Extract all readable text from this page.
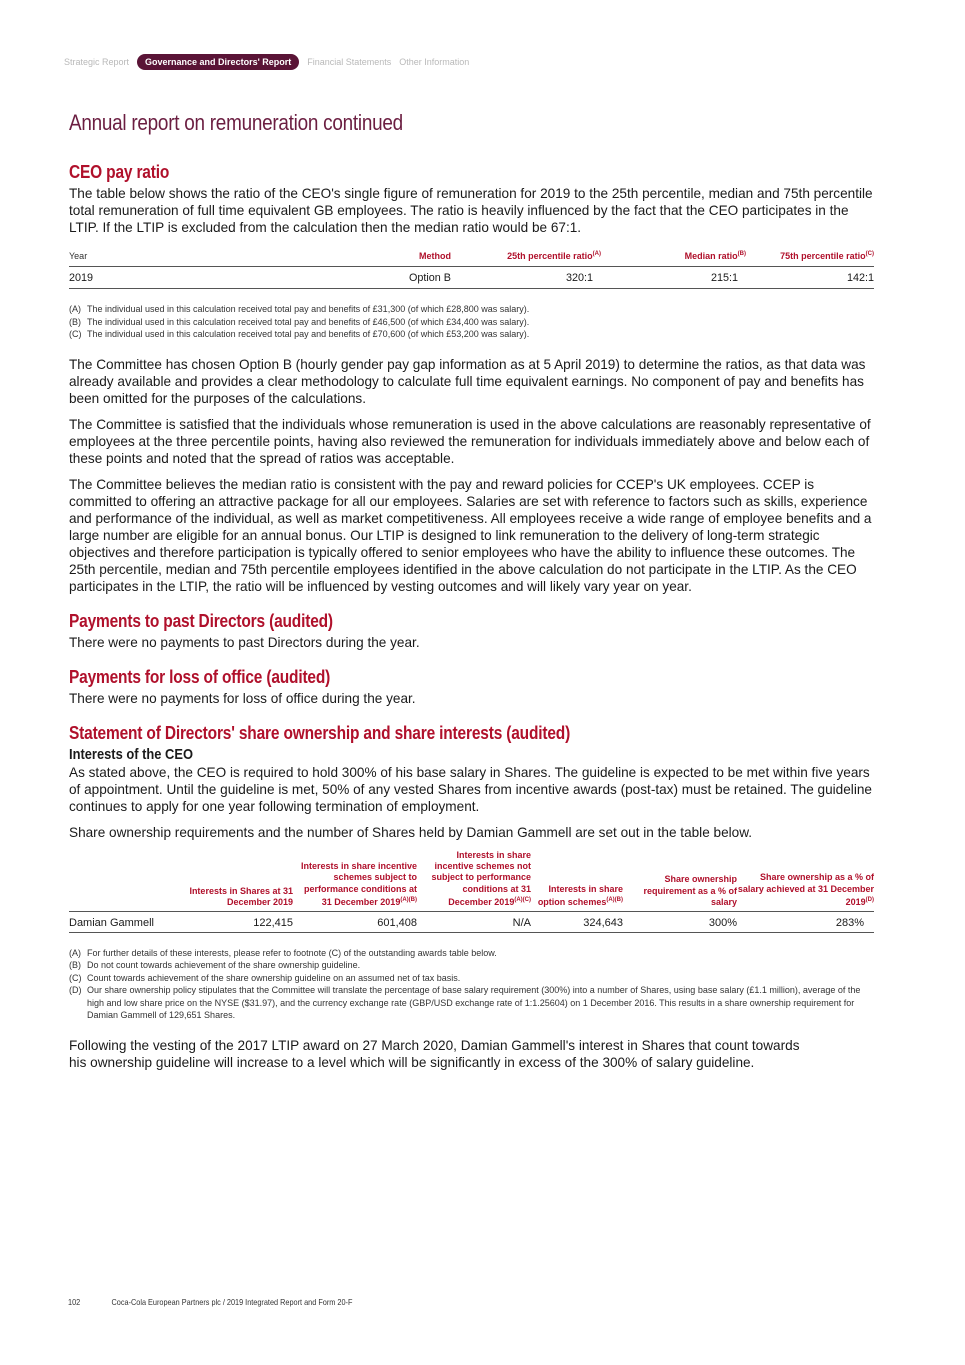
Strategic Report	Governance and Directors' Report	Financial Statements Other Information
Annual report on remuneration continued
CEO pay ratio

The table below shows the ratio of the CEO's single figure of remuneration for 2019 to the 25th percentile, median and 75th percentile total remuneration of full time equivalent GB employees. The ratio is heavily influenced by the fact that the CEO participates in the LTIP. If the LTIP is excluded from the calculation then the median ratio would be 67:1.

Year	Method	25th percentile ratio$^{(A)}$	Median ratio$^{(B)}$	75th percentile ratio$^{(C)}$
2019	Option B	320:1	215:1	142:1
(A) The individual used in this calculation received total pay and benefits of £31,300 (of which £28,800 was salary).
(B) The individual used in this calculation received total pay and benefits of £46,500 (of which £34,400 was salary).
(C) The individual used in this calculation received total pay and benefits of £70,600 (of which £53,200 was salary).

The Committee has chosen Option B (hourly gender pay gap information as at 5 April 2019) to determine the ratios, as that data was already available and provides a clear methodology to calculate full time equivalent earnings. No component of pay and benefits has been omitted for the purposes of the calculations.

The Committee is satisfied that the individuals whose remuneration is used in the above calculations are reasonably representative of employees at the three percentile points, having also reviewed the remuneration for individuals immediately above and below each of these points and noted that the spread of ratios was acceptable.

The Committee believes the median ratio is consistent with the pay and reward policies for CCEP's UK employees. CCEP is committed to offering an attractive package for all our employees. Salaries are set with reference to factors such as skills, experience and performance of the individual, as well as market competitiveness. All employees receive a wide range of employee benefits and a large number are eligible for an annual bonus. Our LTIP is designed to link remuneration to the delivery of long-term strategic objectives and therefore participation is typically offered to senior employees who have the ability to influence these outcomes. The 25th percentile, median and 75th percentile employees identified in the above calculation do not participate in the LTIP. As the CEO participates in the LTIP, the ratio will be influenced by vesting outcomes and will likely vary year on year.

Payments to past Directors (audited)

There were no payments to past Directors during the year.

Payments for loss of office (audited)

There were no payments for loss of office during the year.

Statement of Directors' share ownership and share interests (audited)
Interests of the CEO

As stated above, the CEO is required to hold 300% of his base salary in Shares. The guideline is expected to be met within five years of appointment. Until the guideline is met, 50% of any vested Shares from incentive awards (post-tax) must be retained. The guideline continues to apply for one year following termination of employment.

Share ownership requirements and the number of Shares held by Damian Gammell are set out in the table below.

	Interests in Shares at 31 December 2019	Interests in share incentive schemes subject to performance conditions at 31 December $2019^{(A)(B)}$	Interests in share incentive schemes not subject to performance conditions at 31 December $2019^{(A)(C)}$	Interests in share option schemes$^{(A)(B)}$	Share ownership requirement as a % of salary	Share ownership as a % of salary achieved at 31 December $2019^{(D)}$
Damian Gammell	122,415	601,408	N/A	324,643	300%	283%
(A) For further details of these interests, please refer to footnote (C) of the outstanding awards table below.
(B) Do not count towards achievement of the share ownership guideline.
(C) Count towards achievement of the share ownership guideline on an assumed net of tax basis.
(D) Our share ownership policy stipulates that the Committee will translate the percentage of base salary requirement (300%) into a number of Shares, using base salary (£1.1 million), average of the high and low share price on the NYSE ($31.97), and the currency exchange rate (GBP/USD exchange rate of 1:1.25604) on 1 December 2016. This results in a share ownership requirement for Damian Gammell of 129,651 Shares.

Following the vesting of the 2017 LTIP award on 27 March 2020, Damian Gammell's interest in Shares that count towards his ownership guideline will increase to a level which will be significantly in excess of the 300% of salary guideline.

102	Coca-Cola European Partners plc / 2019 Integrated Report and Form 20-F
